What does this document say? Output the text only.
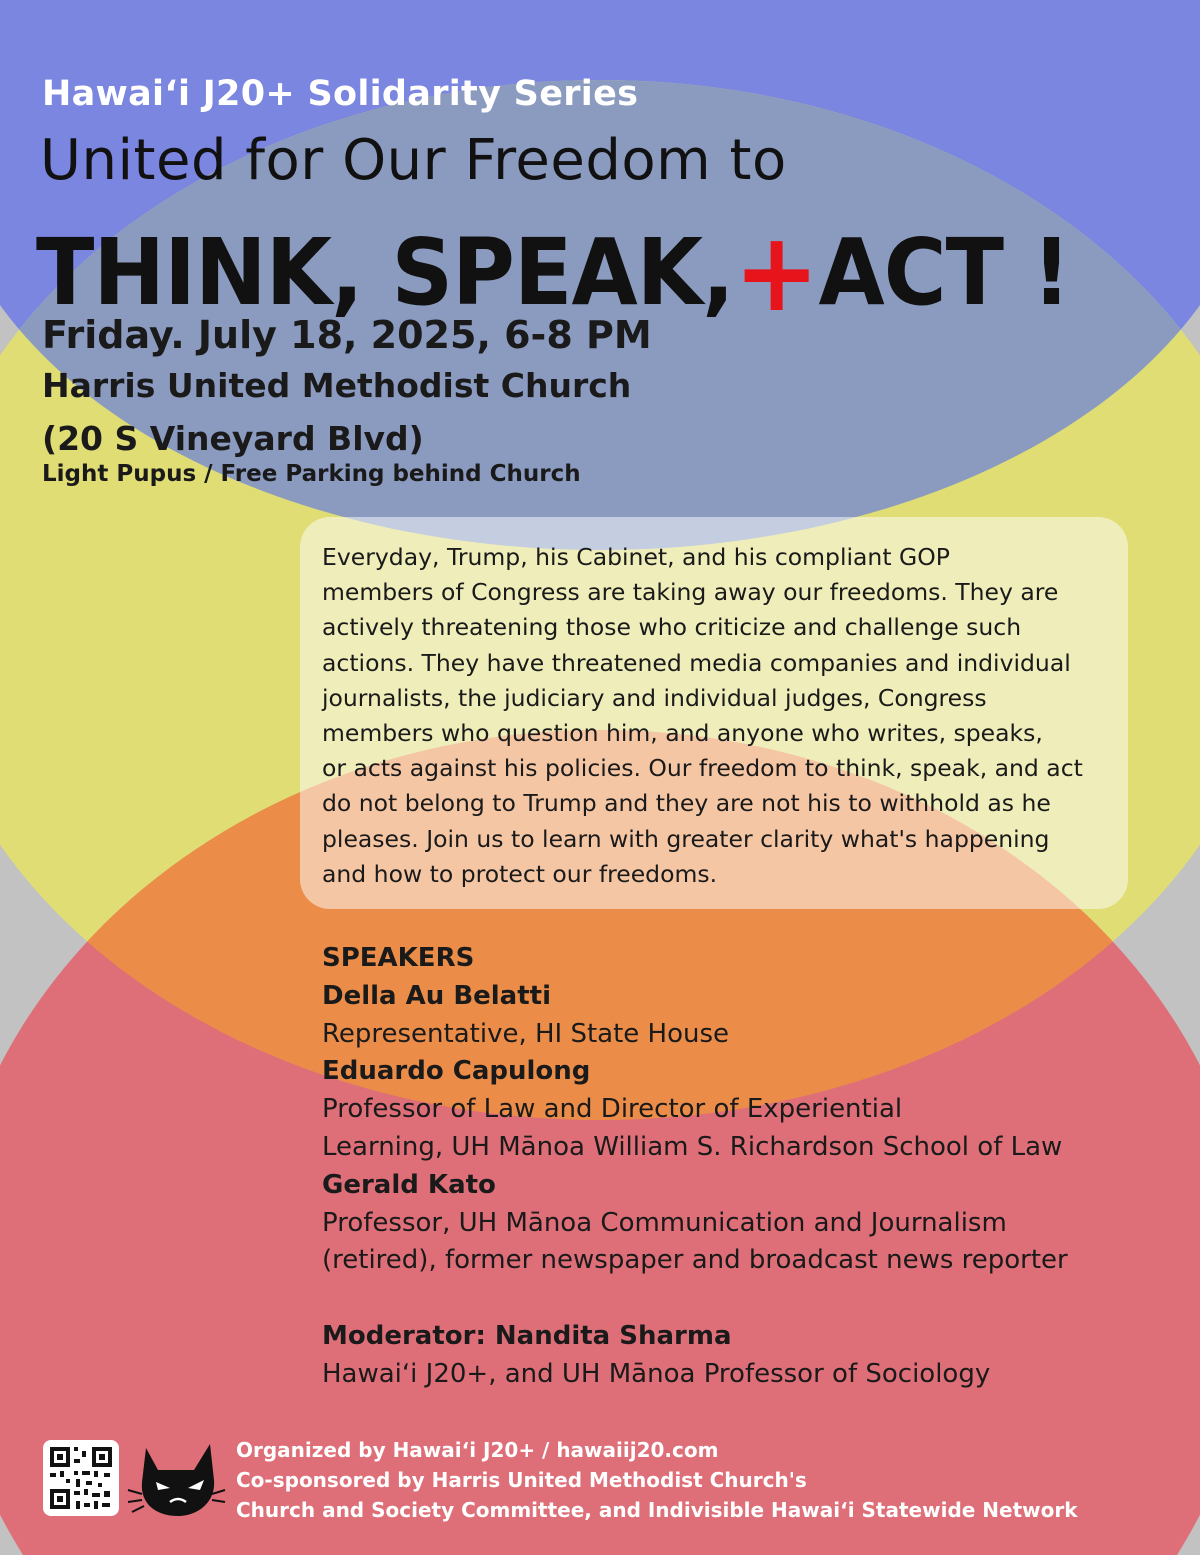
Hawaiʻi J20+ Solidarity Series
United for Our Freedom to
THINK, SPEAK,+ACT !
Friday. July 18, 2025, 6-8 PM
Harris United Methodist Church
(20 S Vineyard Blvd)
Light Pupus / Free Parking behind Church
Everyday, Trump, his Cabinet, and his compliant GOP
members of Congress are taking away our freedoms. They are
actively threatening those who criticize and challenge such
actions. They have threatened media companies and individual
journalists, the judiciary and individual judges, Congress
members who question him, and anyone who writes, speaks,
or acts against his policies. Our freedom to think, speak, and act
do not belong to Trump and they are not his to withhold as he
pleases. Join us to learn with greater clarity what's happening
and how to protect our freedoms.
SPEAKERS
Della Au Belatti
Representative, HI State House
Eduardo Capulong
Professor of Law and Director of Experiential
Learning, UH Mānoa William S. Richardson School of Law
Gerald Kato
Professor, UH Mānoa Communication and Journalism
(retired), former newspaper and broadcast news reporter
Moderator: Nandita Sharma
Hawaiʻi J20+, and UH Mānoa Professor of Sociology
Organized by Hawaiʻi J20+ / hawaiij20.com
Co-sponsored by Harris United Methodist Church's
Church and Society Committee, and Indivisible Hawaiʻi Statewide Network
